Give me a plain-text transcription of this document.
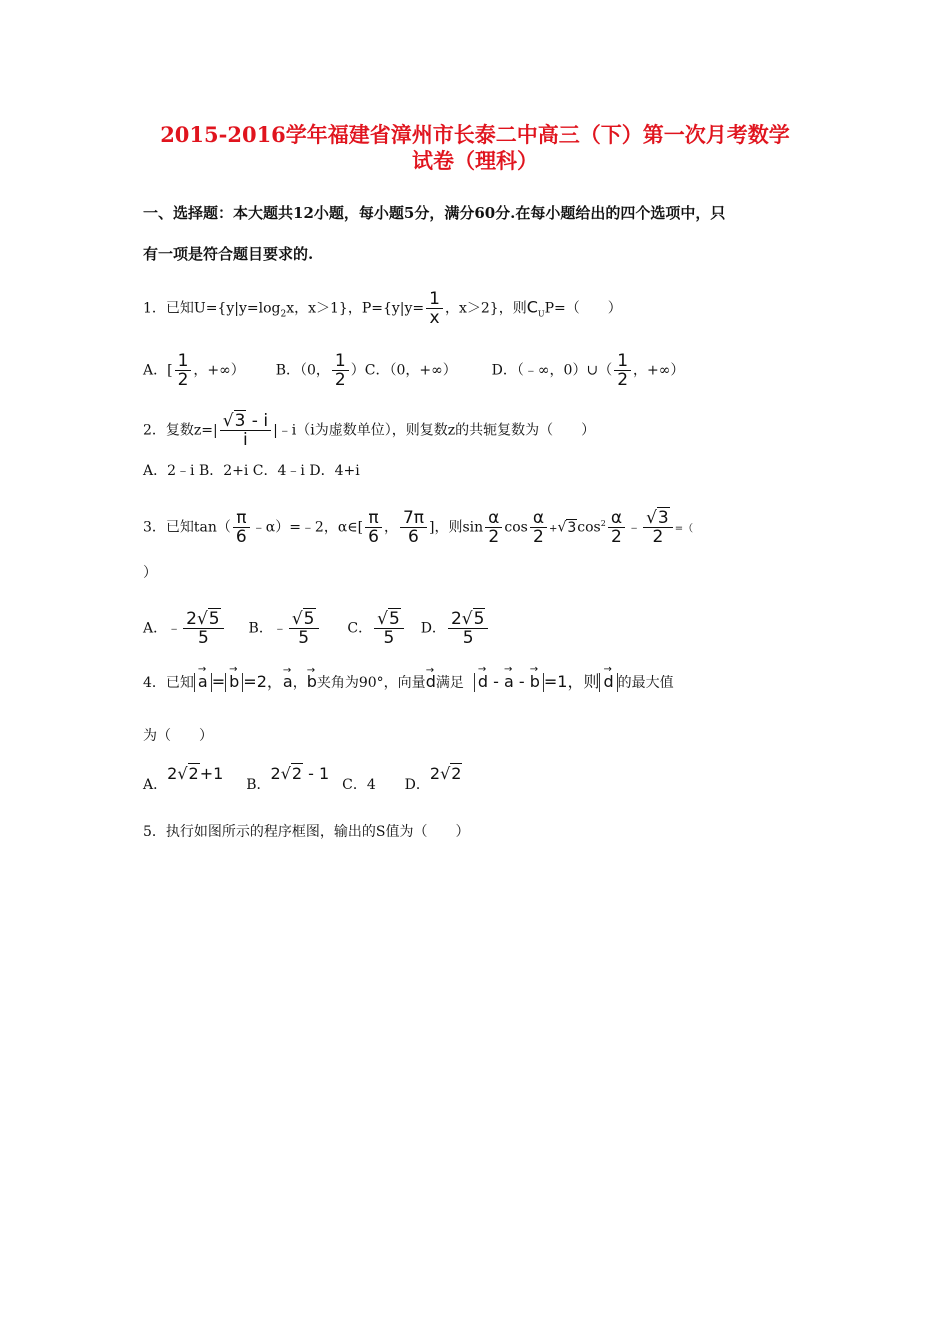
2015-2016学年福建省漳州市长泰二中高三（下）第一次月考数学
试卷（理科）
一、选择题：本大题共12小题，每小题5分，满分60分.在每小题给出的四个选项中，只
有一项是符合题目要求的.
1．已知$U=\{y|y=\log_2x$，x＞1}，$P=\{y|y= \frac{1}{x}$ ，x＞2}，则$C_UP=$（　　）
A．[ $\frac{1}{2}$ ，+∞） B．（0， $\frac{1}{2} )C$．（0，+∞） D．（﹣∞，0）∪（ $\frac{1}{2}$ ，+∞）
2．复数$z=| \frac{√3 - i}{i}$ |﹣i（i为虚数单位），则复数z的共轭复数为（　　）
A．2﹣i B．2+i C．4﹣i D．4+i
3．已知$\tan( \frac{\pi}{6}$ ﹣α）=﹣2，α∈[ $\frac{\pi}{6}$ ， $\frac{7\pi}{6}$ ]，则$\sin \frac{\alpha}{2}$ $\cos \frac{\alpha}{2} +√3\cos^2 \frac{\alpha}{2}$ ﹣ $\frac{√3}{2}$ =（
）
A．﹣ $\frac{2√5}{5}$ B．﹣ $\frac{√5}{5}$ C． $\frac{√5}{5}$ D． $\frac{2√5}{5}$
4．已知 → a = → b =2，→ a，→ b夹角为90°，向量→ d满足 → d - → a - → b =1，则 → d 的最大值
为（　　）
A．2√2+1  B．2√2 - 1  C．4 D．2√2
5．执行如图所示的程序框图，输出的S值为（　　）
